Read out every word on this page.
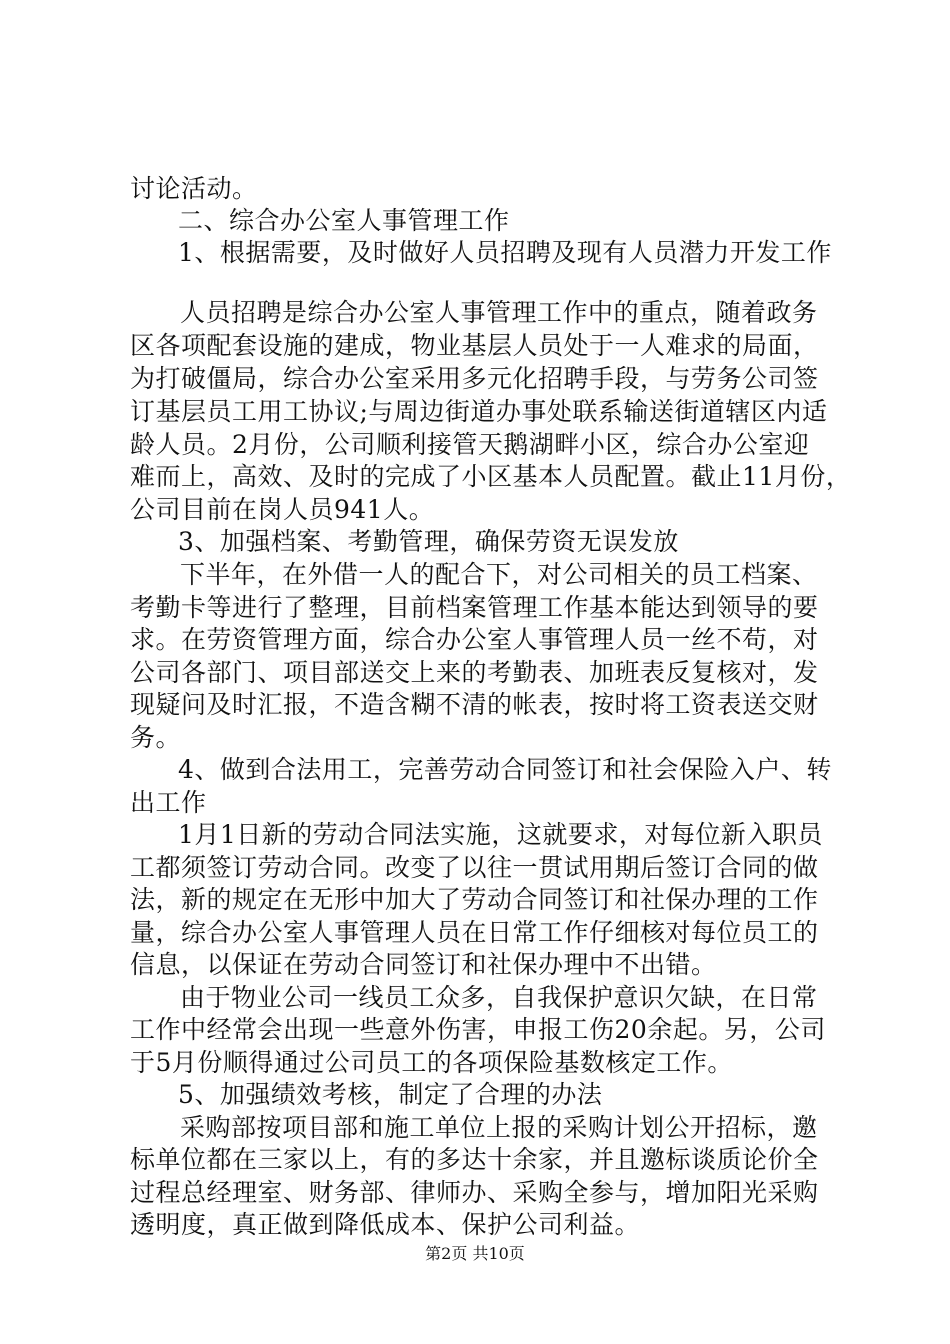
讨论活动。
二、综合办公室人事管理工作
1、根据需要，及时做好人员招聘及现有人员潜力开发工作
人员招聘是综合办公室人事管理工作中的重点，随着政务
区各项配套设施的建成，物业基层人员处于一人难求的局面，
为打破僵局，综合办公室采用多元化招聘手段，与劳务公司签
订基层员工用工协议;与周边街道办事处联系输送街道辖区内适
龄人员。2月份，公司顺利接管天鹅湖畔小区，综合办公室迎
难而上，高效、及时的完成了小区基本人员配置。截止11月份，
公司目前在岗人员941人。
3、加强档案、考勤管理，确保劳资无误发放
下半年，在外借一人的配合下，对公司相关的员工档案、
考勤卡等进行了整理，目前档案管理工作基本能达到领导的要
求。在劳资管理方面，综合办公室人事管理人员一丝不苟，对
公司各部门、项目部送交上来的考勤表、加班表反复核对，发
现疑问及时汇报，不造含糊不清的帐表，按时将工资表送交财
务。
4、做到合法用工，完善劳动合同签订和社会保险入户、转
出工作
1月1日新的劳动合同法实施，这就要求，对每位新入职员
工都须签订劳动合同。改变了以往一贯试用期后签订合同的做
法，新的规定在无形中加大了劳动合同签订和社保办理的工作
量，综合办公室人事管理人员在日常工作仔细核对每位员工的
信息，以保证在劳动合同签订和社保办理中不出错。
由于物业公司一线员工众多，自我保护意识欠缺，在日常
工作中经常会出现一些意外伤害，申报工伤20余起。另，公司
于5月份顺得通过公司员工的各项保险基数核定工作。
5、加强绩效考核，制定了合理的办法
采购部按项目部和施工单位上报的采购计划公开招标，邀
标单位都在三家以上，有的多达十余家，并且邀标谈质论价全
过程总经理室、财务部、律师办、采购全参与，增加阳光采购
透明度，真正做到降低成本、保护公司利益。
第2页 共10页
